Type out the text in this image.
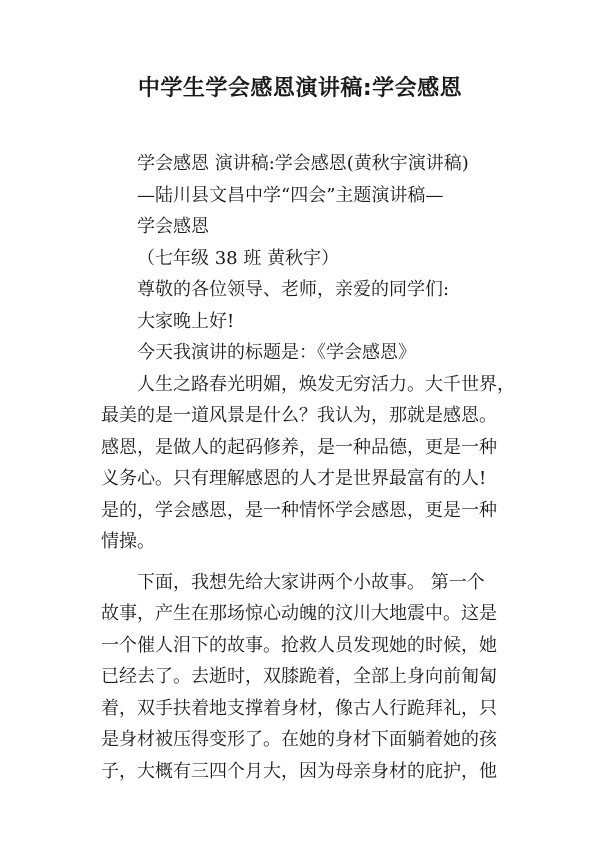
中学生学会感恩演讲稿:学会感恩
学会感恩 演讲稿:学会感恩(黄秋宇演讲稿)
—陆川县文昌中学“四会”主题演讲稿—
学会感恩
（七年级 38 班 黄秋宇）
尊敬的各位领导、老师，亲爱的同学们:
大家晚上好!
今天我演讲的标题是：《学会感恩》
人生之路春光明媚，焕发无穷活力。大千世界，
最美的是一道风景是什么？我认为，那就是感恩。
感恩，是做人的起码修养，是一种品德，更是一种
义务心。只有理解感恩的人才是世界最富有的人!
是的，学会感恩，是一种情怀学会感恩，更是一种
情操。
下面，我想先给大家讲两个小故事。 第一个
故事，产生在那场惊心动魄的汶川大地震中。这是
一个催人泪下的故事。抢救人员发现她的时候，她
已经去了。去逝时，双膝跪着，全部上身向前匍匐
着，双手扶着地支撑着身材，像古人行跪拜礼，只
是身材被压得变形了。在她的身材下面躺着她的孩
子，大概有三四个月大，因为母亲身材的庇护，他
